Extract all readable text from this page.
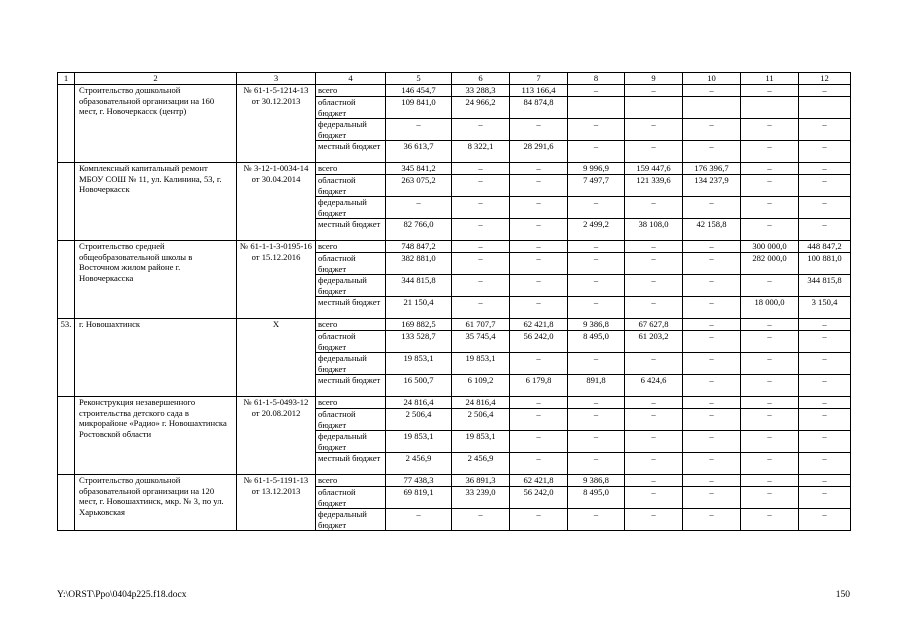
1	2	3	4	5	6	7	8	9	10	11	12
	Строительство дошкольной образовательной организации на 160 мест, г. Новочеркасск (центр)	№ 61-1-5-1214-13 от 30.12.2013	всего	146 454,7	33 288,3	113 166,4	–	–	–	–	–
			областной бюджет	109 841,0	24 966,2	84 874,8					
			федеральный бюджет	–	–	–	–	–	–	–	–
			местный бюджет	36 613,7	8 322,1	28 291,6	–	–	–	–	–
	Комплексный капитальный ремонт МБОУ СОШ № 11, ул. Калинина, 53, г. Новочеркасск	№ 3-12-1-0034-14 от 30.04.2014	всего	345 841,2	–	–	9 996,9	159 447,6	176 396,7	–	–
			областной бюджет	263 075,2	–	–	7 497,7	121 339,6	134 237,9	–	–
			федеральный бюджет	–	–	–	–	–	–	–	–
			местный бюджет	82 766,0	–	–	2 499,2	38 108,0	42 158,8	–	–
	Строительство средней общеобразовательной школы в Восточном жилом районе г. Новочеркасска	№ 61-1-1-3-0195-16 от 15.12.2016	всего	748 847,2	–	–	–	–	–	300 000,0	448 847,2
			областной бюджет	382 881,0	–	–	–	–	–	282 000,0	100 881,0
			федеральный бюджет	344 815,8	–	–	–	–	–	–	344 815,8
			местный бюджет	21 150,4	–	–	–	–	–	18 000,0	3 150,4
53.	г. Новошахтинск	Х	всего	169 882,5	61 707,7	62 421,8	9 386,8	67 627,8	–	–	–
			областной бюджет	133 528,7	35 745,4	56 242,0	8 495,0	61 203,2	–	–	–
			федеральный бюджет	19 853,1	19 853,1	–	–	–	–	–	–
			местный бюджет	16 500,7	6 109,2	6 179,8	891,8	6 424,6	–	–	–
	Реконструкция незавершенного строительства детского сада в микрорайоне «Радио» г. Новошахтинска Ростовской области	№ 61-1-5-0493-12 от 20.08.2012	всего	24 816,4	24 816,4	–	–	–	–	–	–
			областной бюджет	2 506,4	2 506,4	–	–	–	–	–	–
			федеральный бюджет	19 853,1	19 853,1	–	–	–	–	–	–
			местный бюджет	2 456,9	2 456,9	–	–	–	–	–	–
	Строительство дошкольной образовательной организации на 120 мест, г. Новошахтинск, мкр. № 3, по ул. Харьковская	№ 61-1-5-1191-13 от 13.12.2013	всего	77 438,3	36 891,3	62 421,8	9 386,8	–	–	–	–
			областной бюджет	69 819,1	33 239,0	56 242,0	8 495,0	–	–	–	–
			федеральный бюджет	–	–	–	–	–	–	–	–
Y:\ORST\Ppo\0404p225.f18.docx	150
